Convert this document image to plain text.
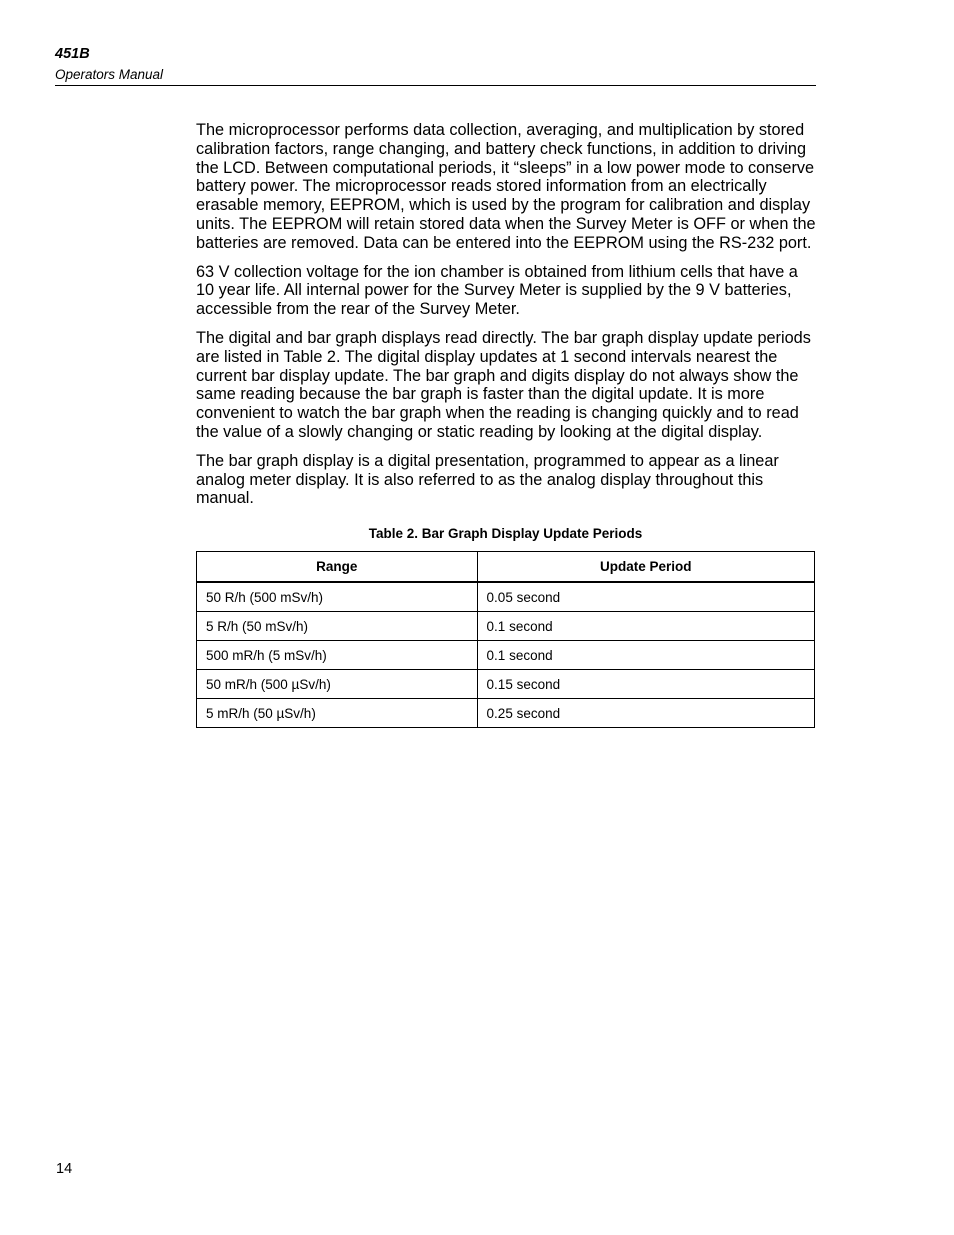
451B
Operators Manual

The microprocessor performs data collection, averaging, and multiplication by stored calibration factors, range changing, and battery check functions, in addition to driving the LCD. Between computational periods, it “sleeps” in a low power mode to conserve battery power. The microprocessor reads stored information from an electrically erasable memory, EEPROM, which is used by the program for calibration and display units. The EEPROM will retain stored data when the Survey Meter is OFF or when the batteries are removed. Data can be entered into the EEPROM using the RS-232 port.

63 V collection voltage for the ion chamber is obtained from lithium cells that have a 10 year life. All internal power for the Survey Meter is supplied by the 9 V batteries, accessible from the rear of the Survey Meter.

The digital and bar graph displays read directly. The bar graph display update periods are listed in Table 2. The digital display updates at 1 second intervals nearest the current bar display update. The bar graph and digits display do not always show the same reading because the bar graph is faster than the digital update. It is more convenient to watch the bar graph when the reading is changing quickly and to read the value of a slowly changing or static reading by looking at the digital display.

The bar graph display is a digital presentation, programmed to appear as a linear analog meter display. It is also referred to as the analog display throughout this manual.

Table 2. Bar Graph Display Update Periods
Range	Update Period
50 R/h (500 mSv/h)	0.05 second
5 R/h (50 mSv/h)	0.1 second
500 mR/h (5 mSv/h)	0.1 second
50 mR/h (500 µSv/h)	0.15 second
5 mR/h (50 µSv/h)	0.25 second
14
